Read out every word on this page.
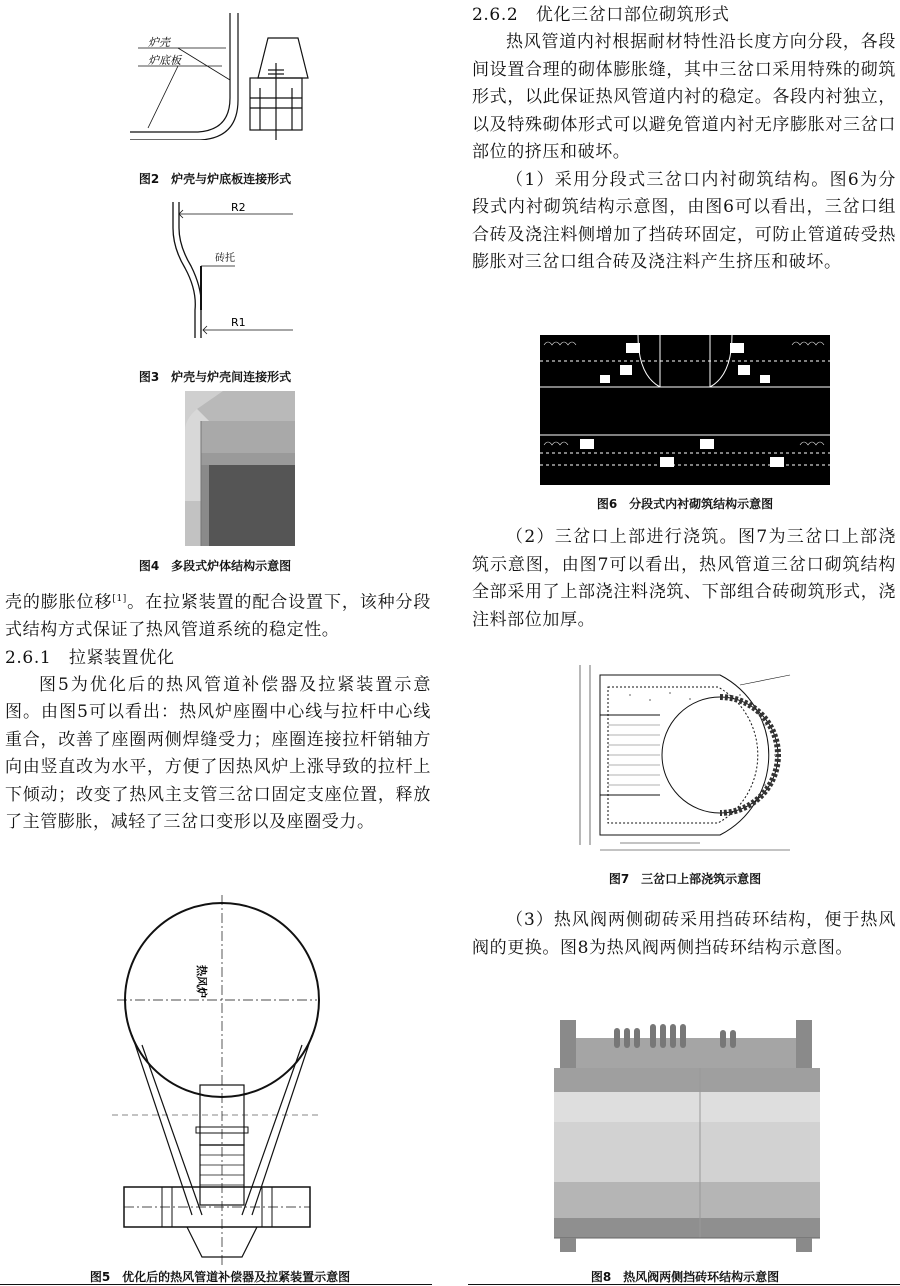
炉壳
炉底板
图2　炉壳与炉底板连接形式
R2
砖托
R1
图3　炉壳与炉壳间连接形式
图4　多段式炉体结构示意图

壳的膨胀位移[1]。在拉紧装置的配合设置下，该种分段式结构方式保证了热风管道系统的稳定性。

2.6.1　拉紧装置优化

图5为优化后的热风管道补偿器及拉紧装置示意图。由图5可以看出：热风炉座圈中心线与拉杆中心线重合，改善了座圈两侧焊缝受力；座圈连接拉杆销轴方向由竖直改为水平，方便了因热风炉上涨导致的拉杆上下倾动；改变了热风主支管三岔口固定支座位置，释放了主管膨胀，减轻了三岔口变形以及座圈受力。

热风炉
图5　优化后的热风管道补偿器及拉紧装置示意图

2.6.2　优化三岔口部位砌筑形式

热风管道内衬根据耐材特性沿长度方向分段，各段间设置合理的砌体膨胀缝，其中三岔口采用特殊的砌筑形式，以此保证热风管道内衬的稳定。各段内衬独立，以及特殊砌体形式可以避免管道内衬无序膨胀对三岔口部位的挤压和破坏。

（1）采用分段式三岔口内衬砌筑结构。图6为分段式内衬砌筑结构示意图，由图6可以看出，三岔口组合砖及浇注料侧增加了挡砖环固定，可防止管道砖受热膨胀对三岔口组合砖及浇注料产生挤压和破坏。

图6　分段式内衬砌筑结构示意图

（2）三岔口上部进行浇筑。图7为三岔口上部浇筑示意图，由图7可以看出，热风管道三岔口砌筑结构全部采用了上部浇注料浇筑、下部组合砖砌筑形式，浇注料部位加厚。

图7　三岔口上部浇筑示意图

（3）热风阀两侧砌砖采用挡砖环结构，便于热风阀的更换。图8为热风阀两侧挡砖环结构示意图。

图8　热风阀两侧挡砖环结构示意图
